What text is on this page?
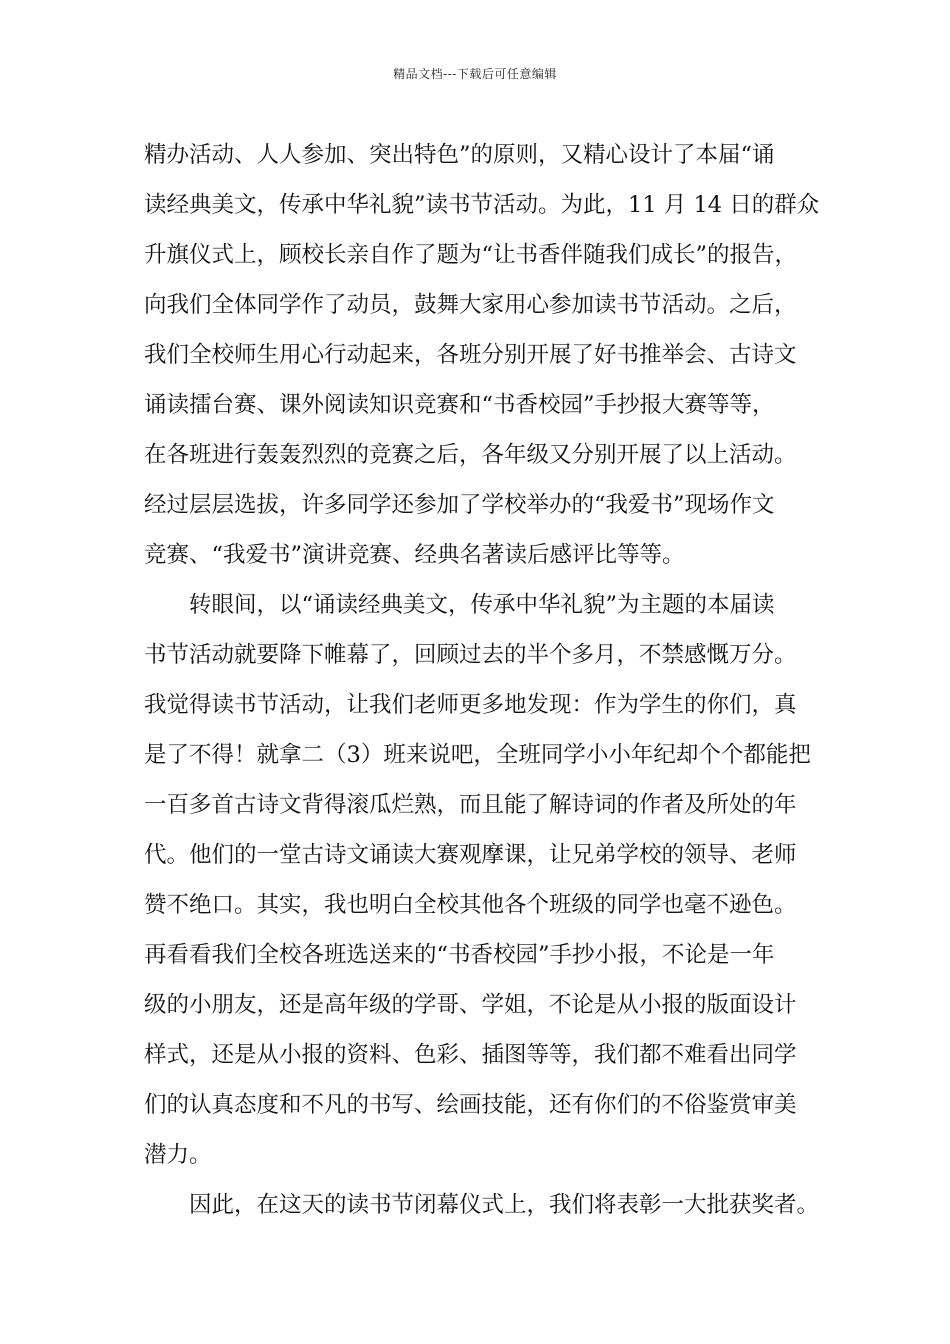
精品文档---下载后可任意编辑
精办活动、人人参加、突出特色”的原则，又精心设计了本届“诵
读经典美文，传承中华礼貌”读书节活动。为此，11 月 14 日的群众
升旗仪式上，顾校长亲自作了题为“让书香伴随我们成长”的报告，
向我们全体同学作了动员，鼓舞大家用心参加读书节活动。之后，
我们全校师生用心行动起来，各班分别开展了好书推举会、古诗文
诵读擂台赛、课外阅读知识竞赛和“书香校园”手抄报大赛等等，
在各班进行轰轰烈烈的竞赛之后，各年级又分别开展了以上活动。
经过层层选拔，许多同学还参加了学校举办的“我爱书”现场作文
竞赛、“我爱书”演讲竞赛、经典名著读后感评比等等。
　　转眼间，以“诵读经典美文，传承中华礼貌”为主题的本届读
书节活动就要降下帷幕了，回顾过去的半个多月，不禁感慨万分。
我觉得读书节活动，让我们老师更多地发现：作为学生的你们，真
是了不得！就拿二（3）班来说吧，全班同学小小年纪却个个都能把
一百多首古诗文背得滚瓜烂熟，而且能了解诗词的作者及所处的年
代。他们的一堂古诗文诵读大赛观摩课，让兄弟学校的领导、老师
赞不绝口。其实，我也明白全校其他各个班级的同学也毫不逊色。
再看看我们全校各班选送来的“书香校园”手抄小报，不论是一年
级的小朋友，还是高年级的学哥、学姐，不论是从小报的版面设计
样式，还是从小报的资料、色彩、插图等等，我们都不难看出同学
们的认真态度和不凡的书写、绘画技能，还有你们的不俗鉴赏审美
潜力。
　　因此，在这天的读书节闭幕仪式上，我们将表彰一大批获奖者。
